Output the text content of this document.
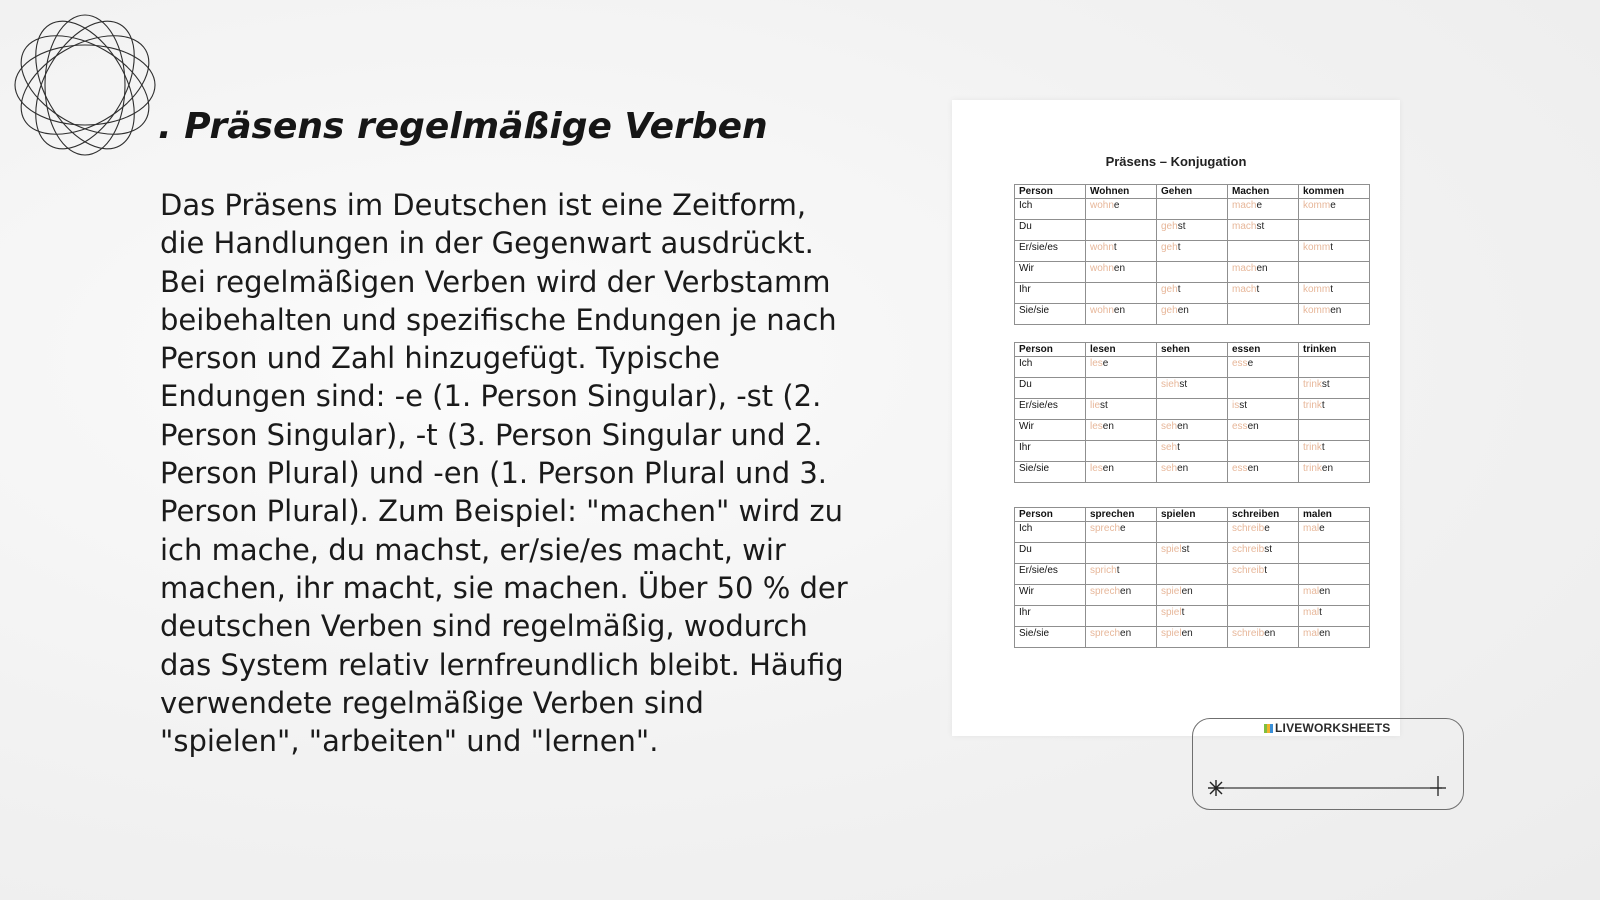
. Präsens regelmäßige Verben

Das Präsens im Deutschen ist eine Zeitform, die Handlungen in der Gegenwart ausdrückt. Bei regelmäßigen Verben wird der Verbstamm beibehalten und spezifische Endungen je nach Person und Zahl hinzugefügt. Typische Endungen sind: -e (1. Person Singular), -st (2. Person Singular), -t (3. Person Singular und 2. Person Plural) und -en (1. Person Plural und 3. Person Plural). Zum Beispiel: "machen" wird zu ich mache, du machst, er/sie/es macht, wir machen, ihr macht, sie machen. Über 50 % der deutschen Verben sind regelmäßig, wodurch das System relativ lernfreundlich bleibt. Häufig verwendete regelmäßige Verben sind "spielen", "arbeiten" und "lernen".

Präsens – Konjugation
Person	Wohnen	Gehen	Machen	kommen
Ich	wohne		mache	komme
Du		gehst	machst	
Er/sie/es	wohnt	geht		kommt
Wir	wohnen		machen	
Ihr		geht	macht	kommt
Sie/sie	wohnen	gehen		kommen
Person	lesen	sehen	essen	trinken
Ich	lese		esse	
Du		siehst		trinkst
Er/sie/es	liest		isst	trinkt
Wir	lesen	sehen	essen	
Ihr		seht		trinkt
Sie/sie	lesen	sehen	essen	trinken
Person	sprechen	spielen	schreiben	malen
Ich	spreche		schreibe	male
Du		spielst	schreibst	
Er/sie/es	spricht		schreibt	
Wir	sprechen	spielen		malen
Ihr		spielt		malt
Sie/sie	sprechen	spielen	schreiben	malen
LIVEWORKSHEETS
